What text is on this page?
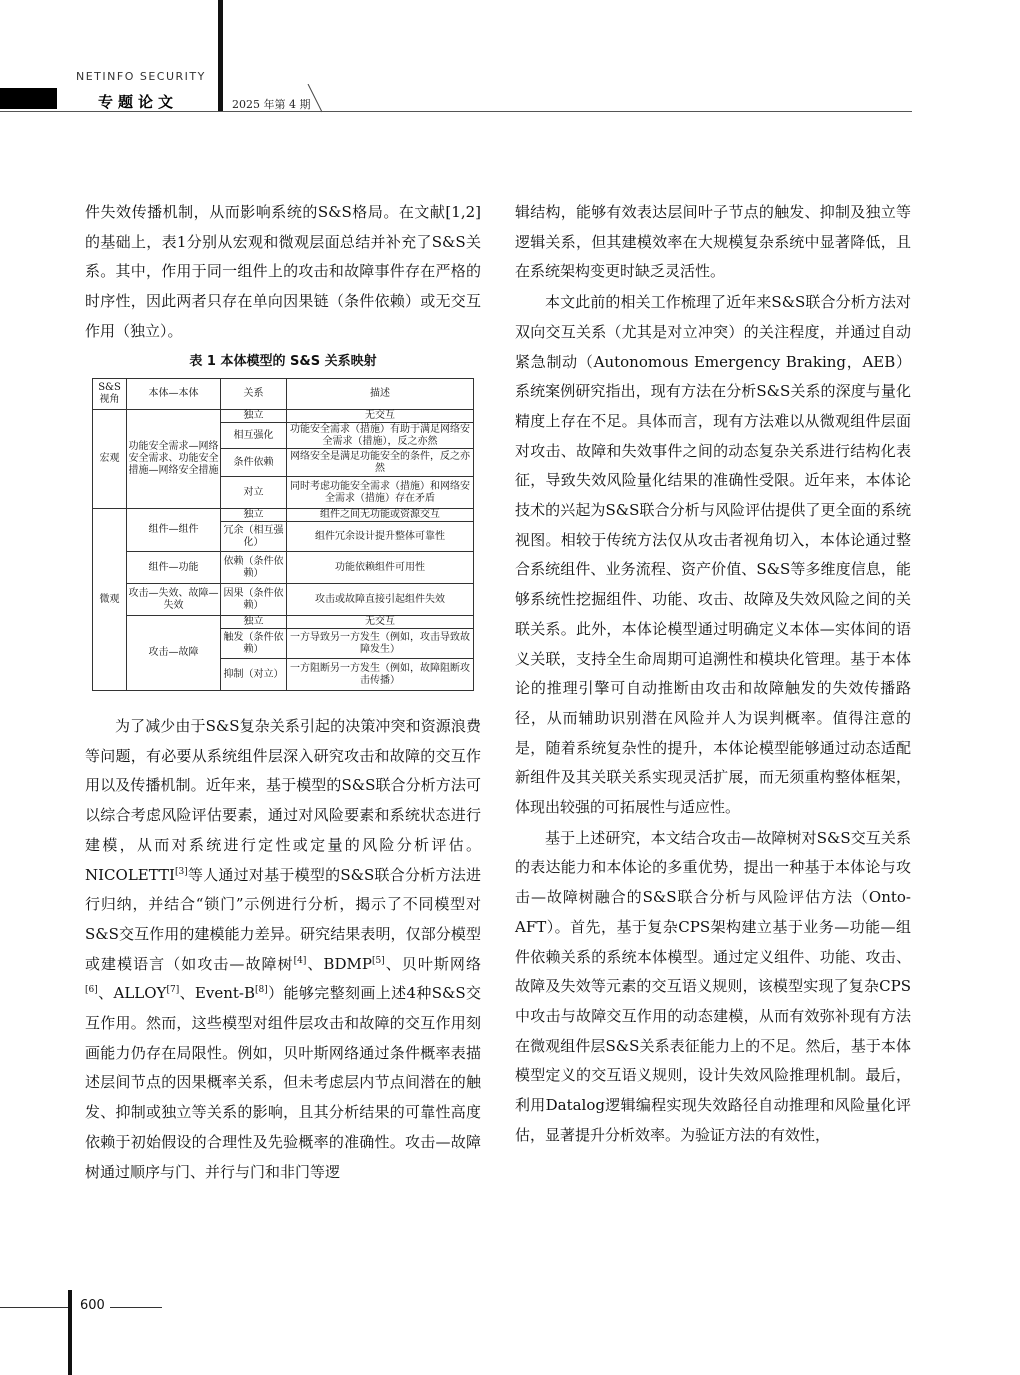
NETINFO SECURITY
专题论文	2025 年第 4 期

件失效传播机制，从而影响系统的S&S格局。在文献[1,2]的基础上，表1分别从宏观和微观层面总结并补充了S&S关系。其中，作用于同一组件上的攻击和故障事件存在严格的时序性，因此两者只存在单向因果链（条件依赖）或无交互作用（独立）。

表 1 本体模型的 S&S 关系映射
S&S 视角	本体—本体	关系	描述
宏观	功能安全需求—网络安全需求、功能安全措施—网络安全措施	独立	无交互
		相互强化	功能安全需求（措施）有助于满足网络安全需求（措施），反之亦然
		条件依赖	网络安全是满足功能安全的条件，反之亦然
		对立	同时考虑功能安全需求（措施）和网络安全需求（措施）存在矛盾
微观	组件—组件	独立	组件之间无功能或资源交互
		冗余（相互强化）	组件冗余设计提升整体可靠性
	组件—功能	依赖（条件依赖）	功能依赖组件可用性
	攻击—失效、故障—失效	因果（条件依赖）	攻击或故障直接引起组件失效
	攻击—故障	独立	无交互
		触发（条件依赖）	一方导致另一方发生（例如，攻击导致故障发生）
		抑制（对立）	一方阻断另一方发生（例如，故障阻断攻击传播）

为了减少由于S&S复杂关系引起的决策冲突和资源浪费等问题，有必要从系统组件层深入研究攻击和故障的交互作用以及传播机制。近年来，基于模型的S&S联合分析方法可以综合考虑风险评估要素，通过对风险要素和系统状态进行建模，从而对系统进行定性或定量的风险分析评估。NICOLETTI[3]等人通过对基于模型的S&S联合分析方法进行归纳，并结合“锁门”示例进行分析，揭示了不同模型对S&S交互作用的建模能力差异。研究结果表明，仅部分模型或建模语言（如攻击—故障树[4]、BDMP[5]、贝叶斯网络[6]、ALLOY[7]、Event-B[8]）能够完整刻画上述4种S&S交互作用。然而，这些模型对组件层攻击和故障的交互作用刻画能力仍存在局限性。例如，贝叶斯网络通过条件概率表描述层间节点的因果概率关系，但未考虑层内节点间潜在的触发、抑制或独立等关系的影响，且其分析结果的可靠性高度依赖于初始假设的合理性及先验概率的准确性。攻击—故障树通过顺序与门、并行与门和非门等逻

辑结构，能够有效表达层间叶子节点的触发、抑制及独立等逻辑关系，但其建模效率在大规模复杂系统中显著降低，且在系统架构变更时缺乏灵活性。

本文此前的相关工作梳理了近年来S&S联合分析方法对双向交互关系（尤其是对立冲突）的关注程度，并通过自动紧急制动（Autonomous Emergency Braking，AEB）系统案例研究指出，现有方法在分析S&S关系的深度与量化精度上存在不足。具体而言，现有方法难以从微观组件层面对攻击、故障和失效事件之间的动态复杂关系进行结构化表征，导致失效风险量化结果的准确性受限。近年来，本体论技术的兴起为S&S联合分析与风险评估提供了更全面的系统视图。相较于传统方法仅从攻击者视角切入，本体论通过整合系统组件、业务流程、资产价值、S&S等多维度信息，能够系统性挖掘组件、功能、攻击、故障及失效风险之间的关联关系。此外，本体论模型通过明确定义本体—实体间的语义关联，支持全生命周期可追溯性和模块化管理。基于本体论的推理引擎可自动推断由攻击和故障触发的失效传播路径，从而辅助识别潜在风险并人为误判概率。值得注意的是，随着系统复杂性的提升，本体论模型能够通过动态适配新组件及其关联关系实现灵活扩展，而无须重构整体框架，体现出较强的可拓展性与适应性。

基于上述研究，本文结合攻击—故障树对S&S交互关系的表达能力和本体论的多重优势，提出一种基于本体论与攻击—故障树融合的S&S联合分析与风险评估方法（Onto-AFT）。首先，基于复杂CPS架构建立基于业务—功能—组件依赖关系的系统本体模型。通过定义组件、功能、攻击、故障及失效等元素的交互语义规则，该模型实现了复杂CPS中攻击与故障交互作用的动态建模，从而有效弥补现有方法在微观组件层S&S关系表征能力上的不足。然后，基于本体模型定义的交互语义规则，设计失效风险推理机制。最后，利用Datalog逻辑编程实现失效路径自动推理和风险量化评估，显著提升分析效率。为验证方法的有效性，

600
